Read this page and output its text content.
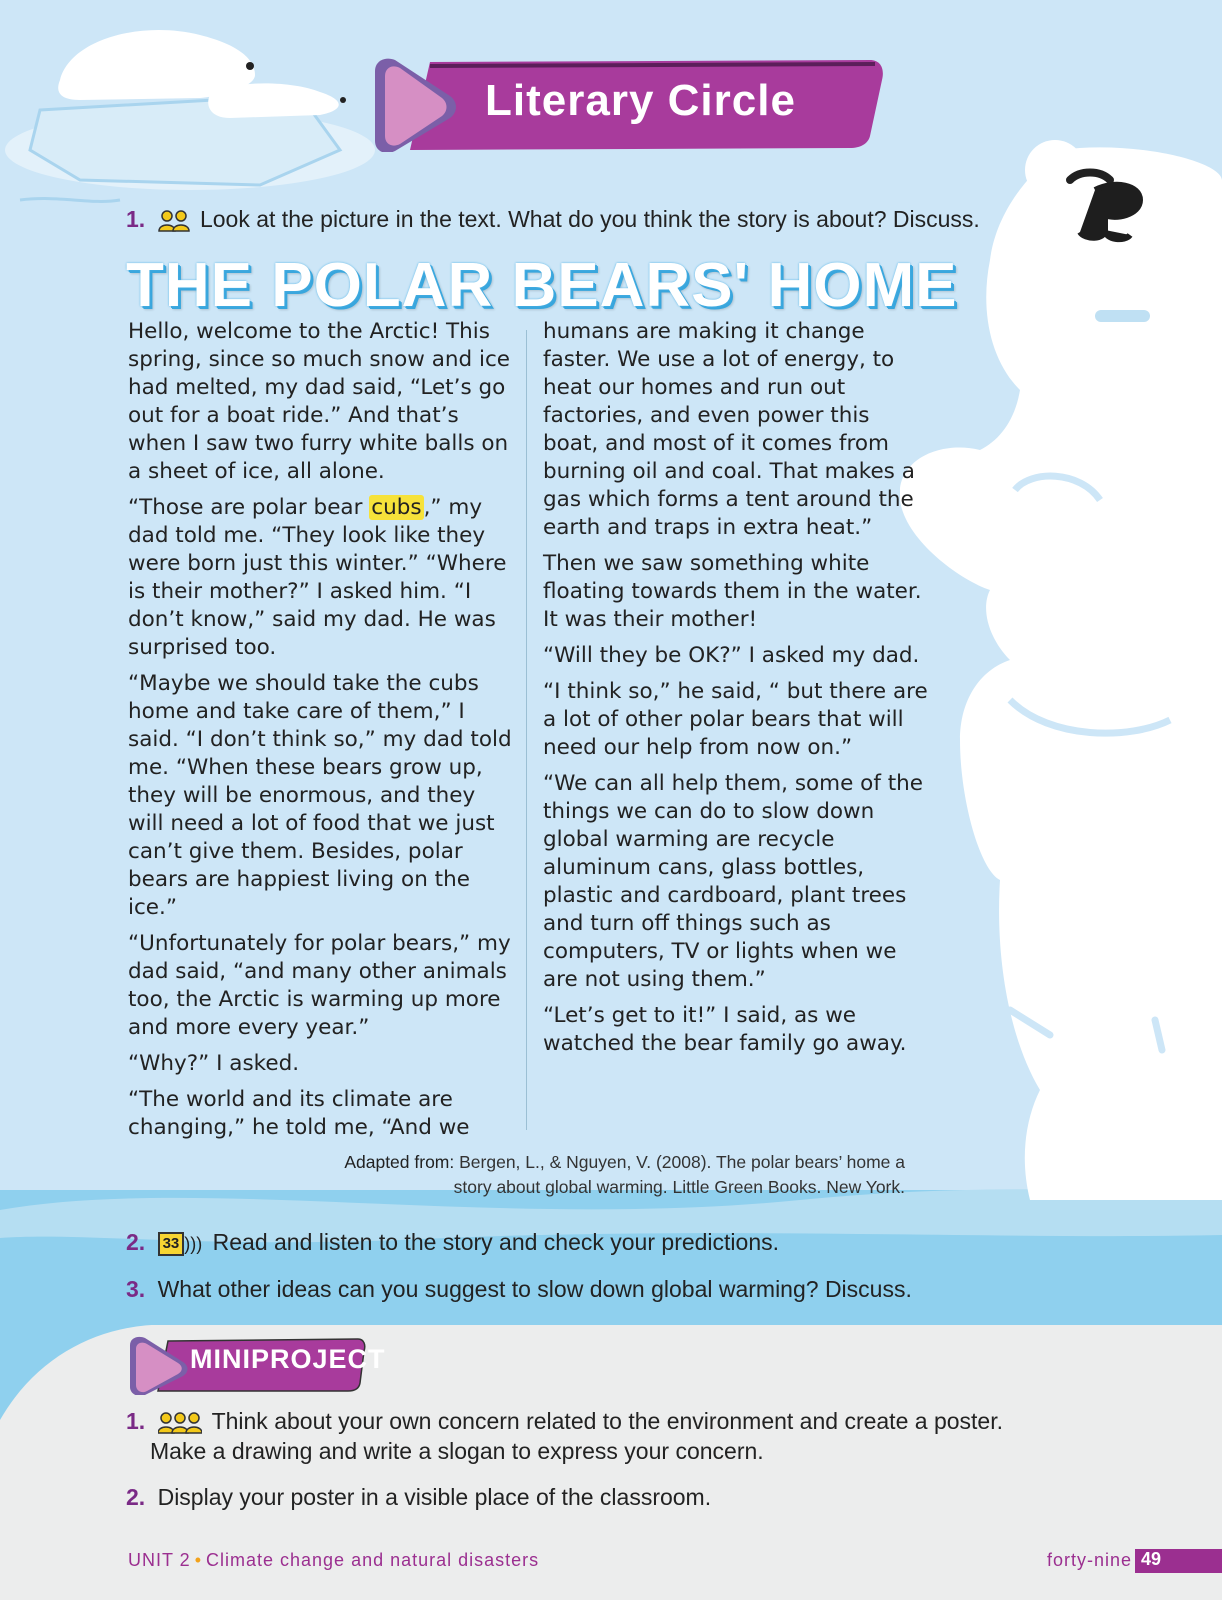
Literary Circle
1. Look at the picture in the text. What do you think the story is about? Discuss.
THE POLAR BEARS' HOME

Hello, welcome to the Arctic! This spring, since so much snow and ice had melted, my dad said, “Let’s go out for a boat ride.” And that’s when I saw two furry white balls on a sheet of ice, all alone.

“Those are polar bear cubs,” my dad told me. “They look like they were born just this winter.” “Where is their mother?” I asked him. “I don’t know,” said my dad. He was surprised too.

“Maybe we should take the cubs home and take care of them,” I said. “I don’t think so,” my dad told me. “When these bears grow up, they will be enormous, and they will need a lot of food that we just can’t give them. Besides, polar bears are happiest living on the ice.”

“Unfortunately for polar bears,” my dad said, “and many other animals too, the Arctic is warming up more and more every year.”

“Why?” I asked.

“The world and its climate are changing,” he told me, “And we

humans are making it change faster. We use a lot of energy, to heat our homes and run out factories, and even power this boat, and most of it comes from burning oil and coal. That makes a gas which forms a tent around the earth and traps in extra heat.”

Then we saw something white floating towards them in the water. It was their mother!

“Will they be OK?” I asked my dad.

“I think so,” he said, “ but there are a lot of other polar bears that will need our help from now on.”

“We can all help them, some of the things we can do to slow down global warming are recycle aluminum cans, glass bottles, plastic and cardboard, plant trees and turn off things such as computers, TV or lights when we are not using them.”

“Let’s get to it!” I said, as we watched the bear family go away.

Adapted from: Bergen, L., & Nguyen, V. (2008). The polar bears’ home a
story about global warming. Little Green Books. New York.
2. 33 ))) Read and listen to the story and check your predictions.
3. What other ideas can you suggest to slow down global warming? Discuss.
MINIPROJECT
1.	Think about your own concern related to the environment and create a poster.
Make a drawing and write a slogan to express your concern.
2. Display your poster in a visible place of the classroom.
UNIT 2 • Climate change and natural disasters	forty-nine 49
